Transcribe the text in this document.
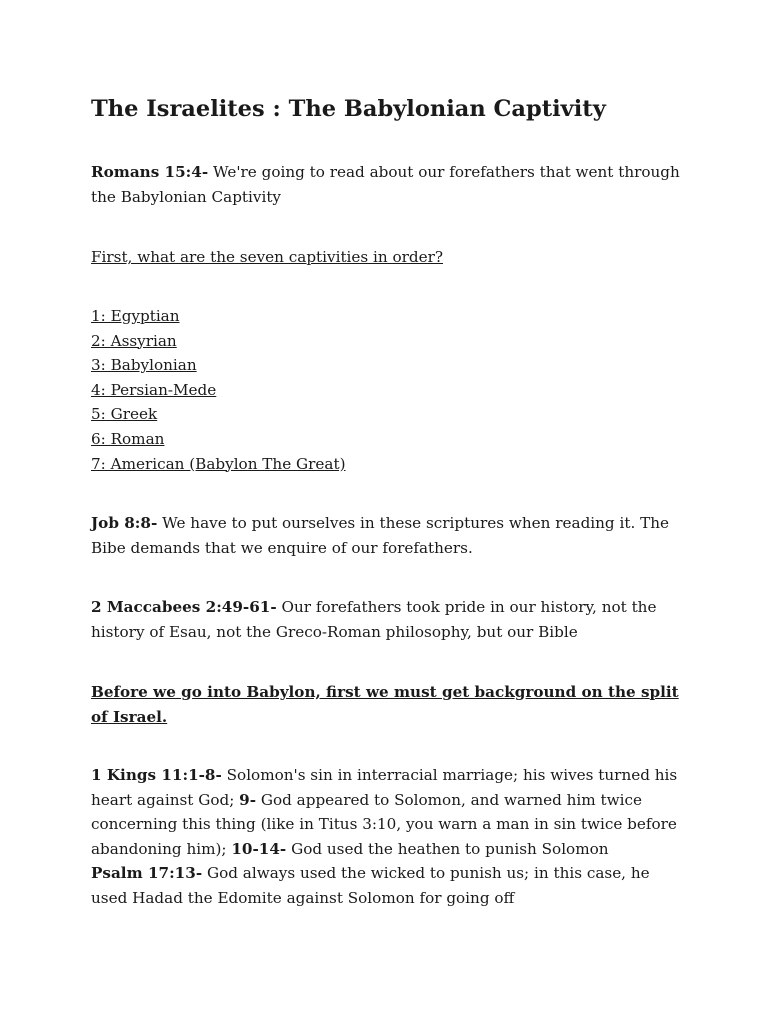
The Israelites : The Babylonian Captivity

Romans 15:4- We're going to read about our forefathers that went through the Babylonian Captivity

First, what are the seven captivities in order?

1: Egyptian
2: Assyrian
3: Babylonian
4: Persian-Mede
5: Greek
6: Roman
7: American (Babylon The Great)

Job 8:8- We have to put ourselves in these scriptures when reading it. The Bibe demands that we enquire of our forefathers.

2 Maccabees 2:49-61- Our forefathers took pride in our history, not the history of Esau, not the Greco-Roman philosophy, but our Bible

Before we go into Babylon, first we must get background on the split of Israel.

1 Kings 11:1-8- Solomon's sin in interracial marriage; his wives turned his heart against God; 9- God appeared to Solomon, and warned him twice concerning this thing (like in Titus 3:10, you warn a man in sin twice before abandoning him); 10-14- God used the heathen to punish Solomon
Psalm 17:13- God always used the wicked to punish us; in this case, he used Hadad the Edomite against Solomon for going off
